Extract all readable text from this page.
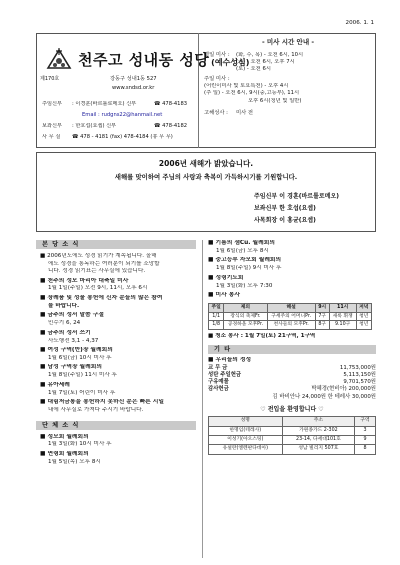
2006. 1. 1
제170호
천주고 성내동 성당 (예수성심)
강동구 성내1동 527
www.sndsd.or.kr
주임신부	: 이경훈(바르톨로메오) 신부	☎ 478-4183
Email : rudgns22@hanmail.net
보좌신부	: 한호섭(요셉) 신부	☎ 478-4182
사 무 실	☎ 478 - 4181 (fax) 478-4184 (휴 무 무)
- 미사 시간 안내 -
평일 미사 :	(화, 수, 목) - 오전 6시, 10시
(금) - 오전 6시, 오후 7시
(토) - 오전 6시
주일 미사 :
(어린이미사 및 토요특전) - 오후 4시
(주 일) - 오전 6시, 9시(중,고등부), 11시
오후 6시(청년 및 일반)
고해성사 :	미사 전
2006년 새해가 밝았습니다.
새해를 맞이하여 주님의 사랑과 축복이 가득하시기를 기원합니다.
주임신부 이 경훈(바르톨로메오)
보좌신부 한 호섭(요셉)
사목회장 이 홍균(요셉)
본 당 소 식
■ 2006년도에도 성경 읽기가 계속됩니다. 올해
에도 성경을 통독하는 여러분이 되기를 소망합
니다. 성경 읽기표는 사무실에 있습니다.
■ 천주의 성모 마리아 대축일 미사
1월 1일(주일) 오전 9시, 11시, 오후 6시
■ 장례품 및 성물 봉헌에 신자 분들의 많은 참여
를 바랍니다.
■ 금주의 성서 말씀 구절
민수기 6, 24
■ 금주의 성서 쓰기
사도행전 3,1 - 4,37
■ 여성 구역(반)장 월례회의
1월 6일(금) 10시 미사 후
■ 남성 구역장 월례회의
1월 8일(주일) 11시 미사 후
■ 유아세례
1월 7일(토) 어린이 미사 후
■ 대림저금통을 봉헌하지 못하신 분은 빠른 시일
내에 사무실로 가져다 주시기 바랍니다.
단 체 소 식
■ 성모회 월례회의
1월 3일(화) 10시 미사 후
■ 연령회 월례회의
1월 5일(목) 오후 8시
■ 기름의 샘Cu. 월례회의
1월 6일(금) 오후 8시
■ 중고등부 자모회 월례회의
1월 8일(주일) 9시 미사 후
■ 성령기도회
1월 3일(화) 오후 7:30
■ 미사 봉사
주일	제의	해설	9시	11시	저녁
1/1	장식의 축제Fr.	구세주의 어머니Pr.	7구	새룩 휘쟁	청년
1/8	공경하올 모후Pr.	천사들의 모후Pr.	8구	9.10구	청년
■ 청소 봉사 : 1월 7일(토) 21구역, 1구역
기 타
■ 우리들의 정성
교 무 금	11,753,000원
성탄 주일헌금	5,113,150원
구유예물	9,701,570원
감사헌금	박혜경(현비아) 200,000원
김 바비안나 24,000원 한 테레사 30,000원
♡ 전입을 환영합니다 ♡
성명	주소	구역
한명임(테레사)	가원종가드 2-302	3
이성기(아오스팅)	23-14, 다세대101호	9
유설란(엘렌판다데아)	성남 빌리지 507호	8
